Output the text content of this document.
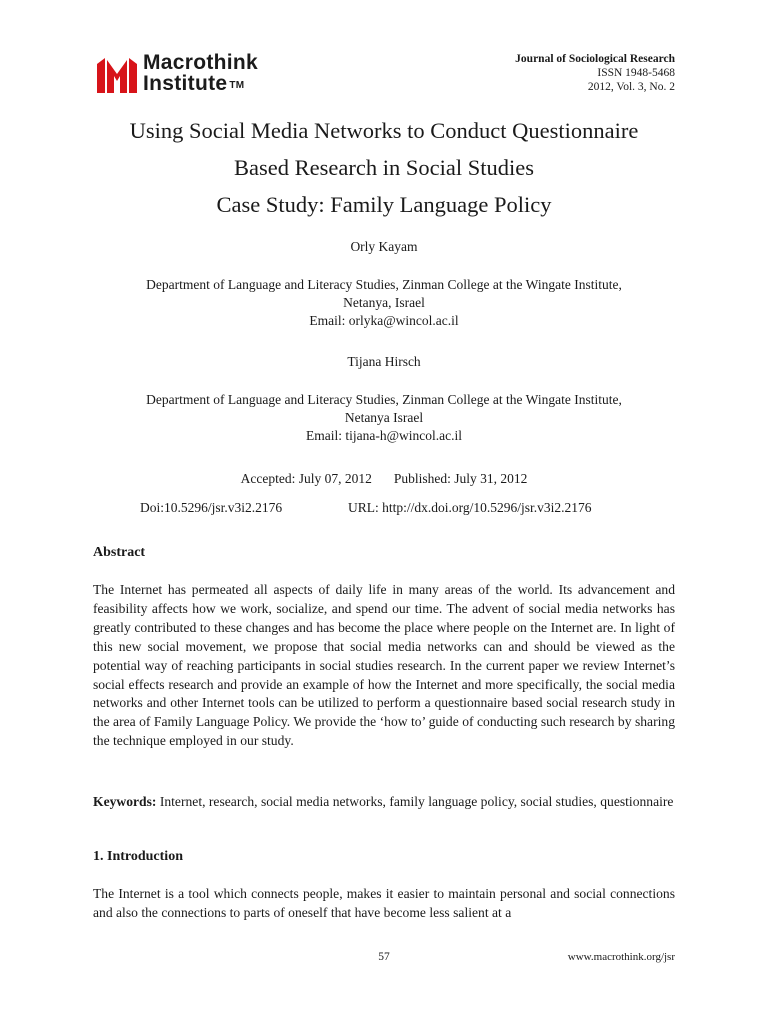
Macrothink
Institute ™
Journal of Sociological Research
ISSN 1948-5468
2012, Vol. 3, No. 2
Using Social Media Networks to Conduct Questionnaire
Based Research in Social Studies
Case Study: Family Language Policy
Orly Kayam
Department of Language and Literacy Studies, Zinman College at the Wingate Institute,
Netanya, Israel
Email: orlyka@wincol.ac.il
Tijana Hirsch
Department of Language and Literacy Studies, Zinman College at the Wingate Institute,
Netanya Israel
Email: tijana-h@wincol.ac.il
Accepted: July 07, 2012 Published: July 31, 2012
Doi:10.5296/jsr.v3i2.2176	URL: http://dx.doi.org/10.5296/jsr.v3i2.2176
Abstract
The Internet has permeated all aspects of daily life in many areas of the world. Its advancement and feasibility affects how we work, socialize, and spend our time. The advent of social media networks has greatly contributed to these changes and has become the place where people on the Internet are. In light of this new social movement, we propose that social media networks can and should be viewed as the potential way of reaching participants in social studies research. In the current paper we review Internet’s social effects research and provide an example of how the Internet and more specifically, the social media networks and other Internet tools can be utilized to perform a questionnaire based social research study in the area of Family Language Policy. We provide the ‘how to’ guide of conducting such research by sharing the technique employed in our study.
Keywords: Internet, research, social media networks, family language policy, social studies, questionnaire
1. Introduction
The Internet is a tool which connects people, makes it easier to maintain personal and social connections and also the connections to parts of oneself that have become less salient at a
57	www.macrothink.org/jsr
